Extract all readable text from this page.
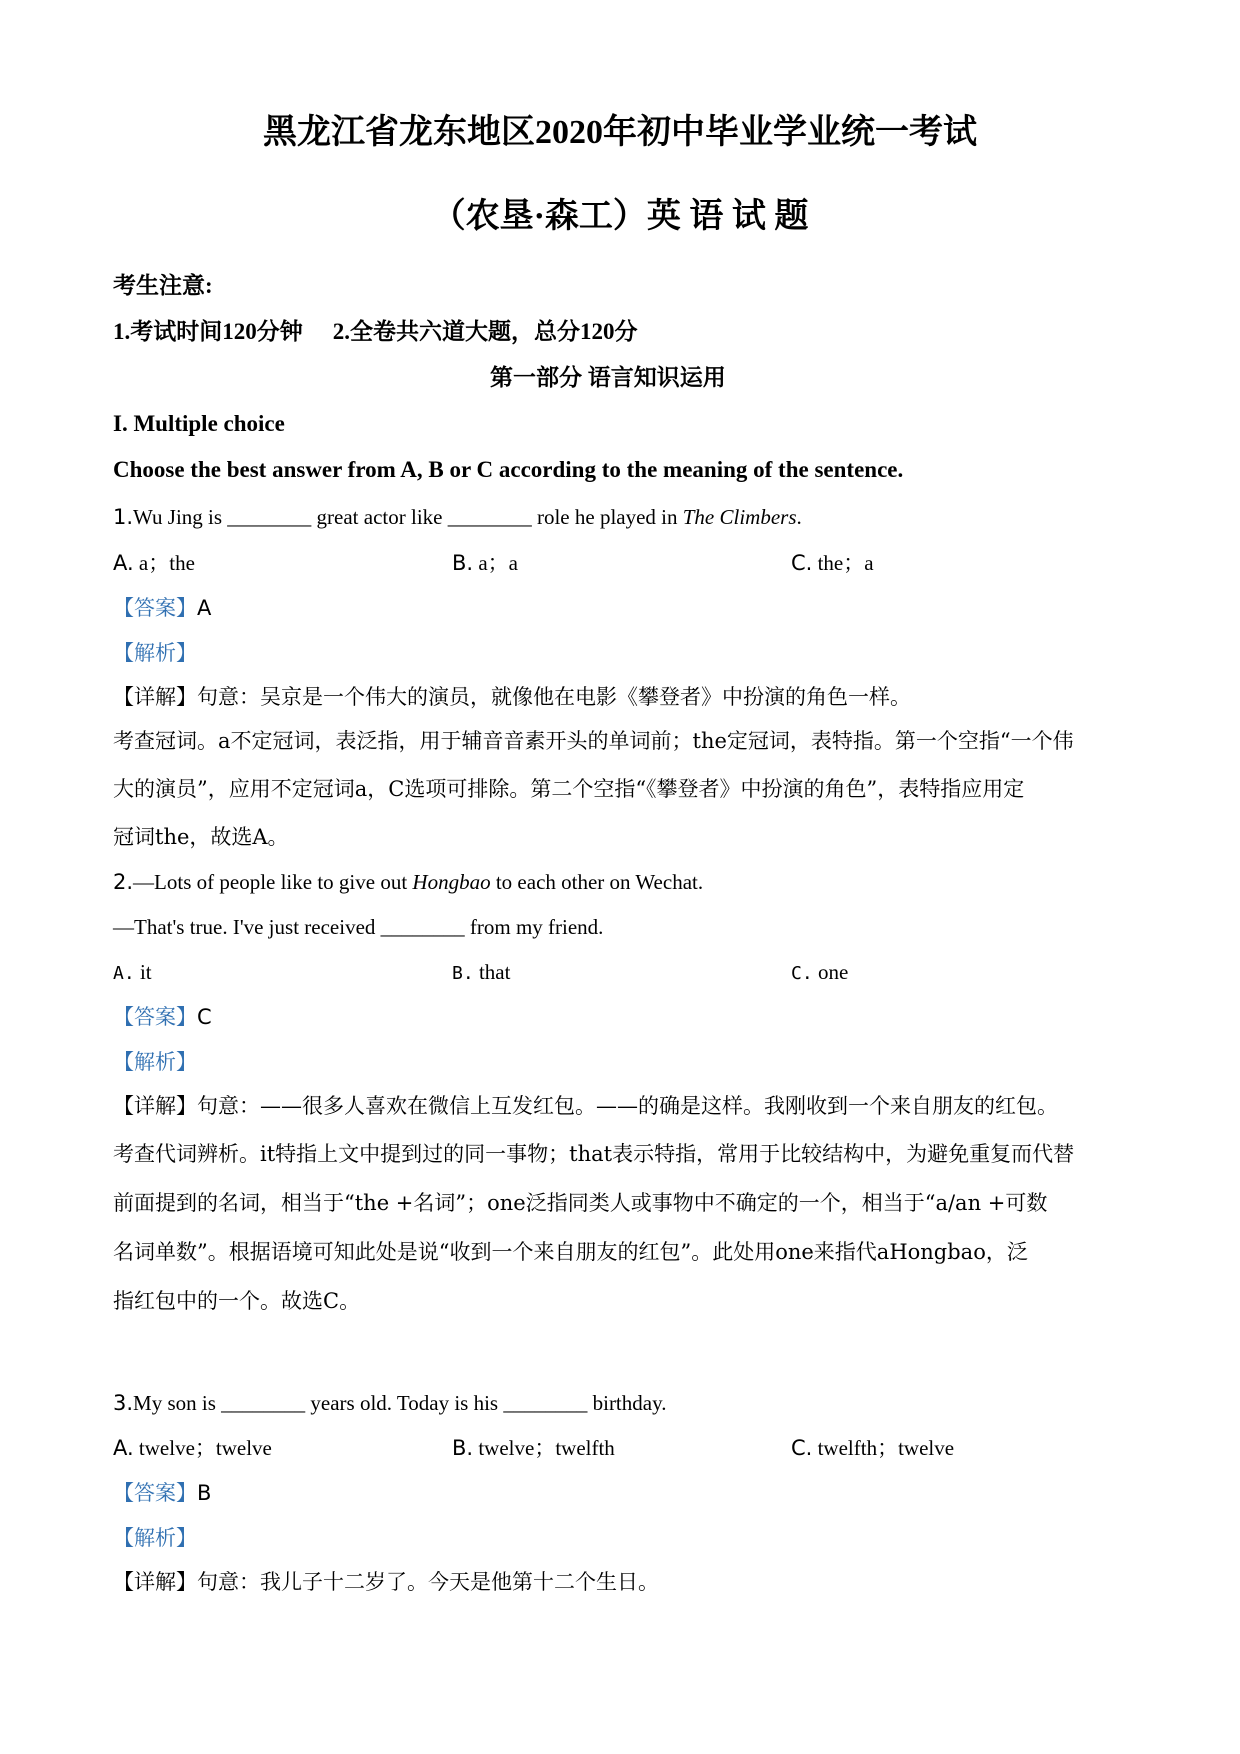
黑龙江省龙东地区2020年初中毕业学业统一考试
（农垦·森工）英 语 试 题
考生注意:
1.考试时间120分钟 2.全卷共六道大题，总分120分
第一部分 语言知识运用
I. Multiple choice
Choose the best answer from A, B or C according to the meaning of the sentence.
1.Wu Jing is ________ great actor like ________ role he played in The Climbers.
A. a；the	B. a；a	C. the；a
【答案】A
【解析】
【详解】句意：吴京是一个伟大的演员，就像他在电影《攀登者》中扮演的角色一样。
考查冠词。a不定冠词，表泛指，用于辅音音素开头的单词前；the定冠词，表特指。第一个空指“一个伟
大的演员”，应用不定冠词a，C选项可排除。第二个空指“《攀登者》中扮演的角色”，表特指应用定
冠词the，故选A。
2.—Lots of people like to give out Hongbao to each other on Wechat.
—That's true. I've just received ________ from my friend.
A. it	B. that	C. one
【答案】C
【解析】
【详解】句意：——很多人喜欢在微信上互发红包。——的确是这样。我刚收到一个来自朋友的红包。
考查代词辨析。it特指上文中提到过的同一事物；that表示特指，常用于比较结构中，为避免重复而代替
前面提到的名词，相当于“the +名词”；one泛指同类人或事物中不确定的一个，相当于“a/an +可数
名词单数”。根据语境可知此处是说“收到一个来自朋友的红包”。此处用one来指代aHongbao，泛
指红包中的一个。故选C。
3.My son is ________ years old. Today is his ________ birthday.
A. twelve；twelve	B. twelve；twelfth	C. twelfth；twelve
【答案】B
【解析】
【详解】句意：我儿子十二岁了。今天是他第十二个生日。
